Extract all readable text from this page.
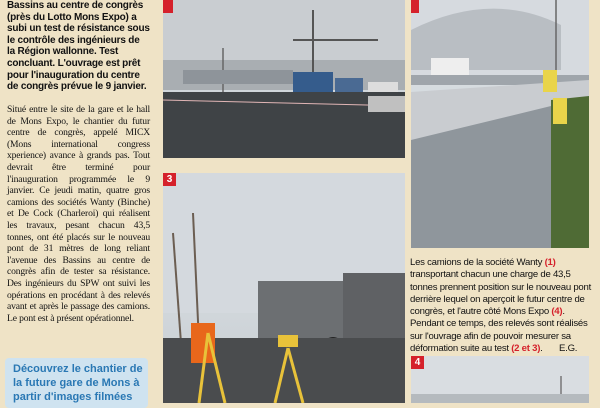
Bassins au centre de congrès (près du Lotto Mons Expo) a subi un test de résistance sous le contrôle des ingénieurs de la Région wallonne. Test concluant. L'ouvrage est prêt pour l'inauguration du centre de congrès prévue le 9 janvier.
Situé entre le site de la gare et le hall de Mons Expo, le chantier du futur centre de congrès, appelé MICX (Mons international congress xperience) avance à grands pas. Tout devrait être terminé pour l'inauguration programmée le 9 janvier. Ce jeudi matin, quatre gros camions des sociétés Wanty (Binche) et De Cock (Charleroi) qui réalisent les travaux, pesant chacun 43,5 tonnes, ont été placés sur le nouveau pont de 31 mètres de long reliant l'avenue des Bassins au centre de congrès afin de tester sa résistance. Des ingénieurs du SPW ont suivi les opérations en procédant à des relevés avant et après le passage des camions. Le pont est à présent opérationnel.
Découvrez le chantier de la future gare de Mons à partir d'images filmées
3
Les camions de la société Wanty (1) transportant chacun une charge de 43,5 tonnes prennent position sur le nouveau pont derrière lequel on aperçoit le futur centre de congrès, et l'autre côté Mons Expo (4). Pendant ce temps, des relevés sont réalisés sur l'ouvrage afin de pouvoir mesurer sa déformation suite au test (2 et 3). E.G.
4
